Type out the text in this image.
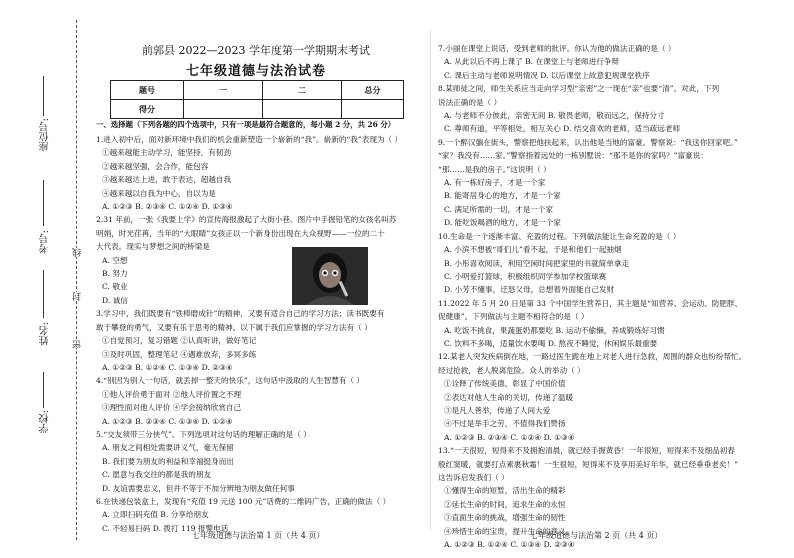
学校:
姓名:
考号:
座位号:
密
封
线
前郭县 2022—2023 学年度第一学期期末考试
七年级道德与法治试卷
题号	一	二	总分
得分			
一、选择题（下列各题的四个选项中，只有一项是最符合题意的，每小题 2 分，共 26 分）
1.进入初中后，面对新环境中我们的机会重新塑造一个崭新的“我”。崭新的“我”表现为（ ）
①越来越能主动学习，能坚持，有韧劲
②越来越坚强，会合作，能包容
③越来越达上进，敢于表达，超越自我
④越来越以自我为中心，自以为是
A. ①②③ B. ②③④ C. ①②④ D. ①③④
2.31 年前，一张《我要上学》的宣传海报激起了大街小巷。图片中手握铅笔的女孩名叫苏
明娟，时光荏苒，当年的“大眼睛”女孩正以一个新身份出现在大众视野——一位的二十
大代表。现实与梦想之间的桥梁是
A. 空想
B. 努力
C. 敬业
D. 诚信
3.学习中，我们既要有“铁棒磨成针”的精神，又要有适合自己的学习方法；读书既要有
敢于攀登的勇气，又要有乐于思考的精神。以下属于我们应掌握的学习方法有（ ）
①自觉预习，复习错题 ②认真听讲，做好笔记
③及时巩固，整理笔记 ④遇难放弃，多冥多练
A. ①②③ B. ①②④ C. ①③④ D. ②③④
4.“别因为别人一句话，就丢掉一整天的快乐”，这句话中汲取的人生智慧有（ ）
①他人评价勇于面对 ②他人评价置之不理
③理性面对他人评价 ④学会接纳欣赏自己
A. ①②③ B. ②③④ C. ①③④ D. ①②④
5.“交友须带三分侠气”。下列选项对这句话的理解正确的是（ ）
A. 朋友之间相处需要讲义气，毫无保留
B. 我们要为朋友的利益和幸福挺身而出
C. 愿意与我交往的都是我的朋友
D. 友谊需要忠义，但并不等于不加分辨地为朋友做任何事
6.在快递包装盒上，发现有“充值 19 元送 100 元”话费的二维码广告，正确的做法（ ）
A. 立即扫码充值 B. 分享给朋友
C. 不轻易扫码 D. 拨打 119 报警电话
七年级道德与法治第 1 页（共 4 页）
7.小丽在课堂上说话，受到老师的批评。你认为他的做法正确的是（ ）
A. 从此以后不再上课了 B. 在课堂上与老师进行争辩
C. 课后主动与老师说明情况 D. 以后课堂上故意犯规课堂秩序
8.某师徒之间，师生关系应当走向学习型“亲密”之一现在“亲”也要“清”。对此，下列
说法正确的是（ ）
A. 与老师不分彼此，亲密无间 B. 敬畏老师，敬而远之，保持分寸
C. 尊师有道，平等相处，相互关心 D. 结交喜欢的老师，适当疏远老师
9.一个醉汉躺在街头，警察把他扶起来，认出他是当地的富豪。警察说：“我送你回家吧。”
“家？我没有……家。”警察指着远处的一栋别墅说：“那不是你的家吗？”富豪说：
“那……是我的房子。”这说明（ ）
A. 有一栋好房子，才是一个家
B. 能寄居身心的地方，才是一个家
C. 满足所需的一切，才是一个家
D. 能吃饭喝酒的地方，才是一个家
10.生命是一个逐渐丰富、充盈的过程。下列做法能让生命充盈的是（ ）
A. 小滨不想被“哥们儿”看不起，于是和他们一起抽烟
B. 小彤喜欢阅读，利用空闲时间把家里的书就简单拿走
C. 小明爱打篮球，积极组织同学参加学校篮球赛
D. 小芳不懂事，迁怒父母，总想着外面能自己发财
11.2022 年 5 月 20 日是第 33 个中国学生营养日，其主题是“知营养、会运动、防肥胖、
促健康”。下列做法与主题不相符合的是（ ）
A. 吃饭不挑食，果蔬蛋奶都要吃 B. 运动不偷懒，养成锻炼好习惯
C. 饮料不多喝，适量饮水要喝 D. 熬夜不睡觉，休闲娱乐最重要
12.某老人突发疾病倒在地，一路过医生跪在地上对老人进行急救，周围的群众也纷纷帮忙。
经过抢救，老人脱离危险。众人的举动（ ）
①诠释了传统美德，彰显了中国价值
②表达对他人生命的关切，传递了温暖
③是凡人善举，传递了人间大爱
④不过是举手之劳，不值得我们赞扬
A. ①②③ B. ②③④ C. ①②④ D. ①③④
13.“一天很短，短得来不及拥抱清晨，就已经手握黄昏！一年很短，短得来不及细品初春
殷红窦暖，就要打点素裹秋霜！一生很短，短得来不及享用美好年华，就已经垂垂老矣！”
这告诉启发我们（ ）
①懂得生命的短暂，活出生命的精彩
②延长生命的时间，追求生命的永恒
③直面生命的挑战，增强生命的韧性
④珍惜生命的宝贵，提升生命的意义
A. ①②③ B. ①②④ C. ①③④ D. ②③④
七年级道德与法治第 2 页（共 4 页）
